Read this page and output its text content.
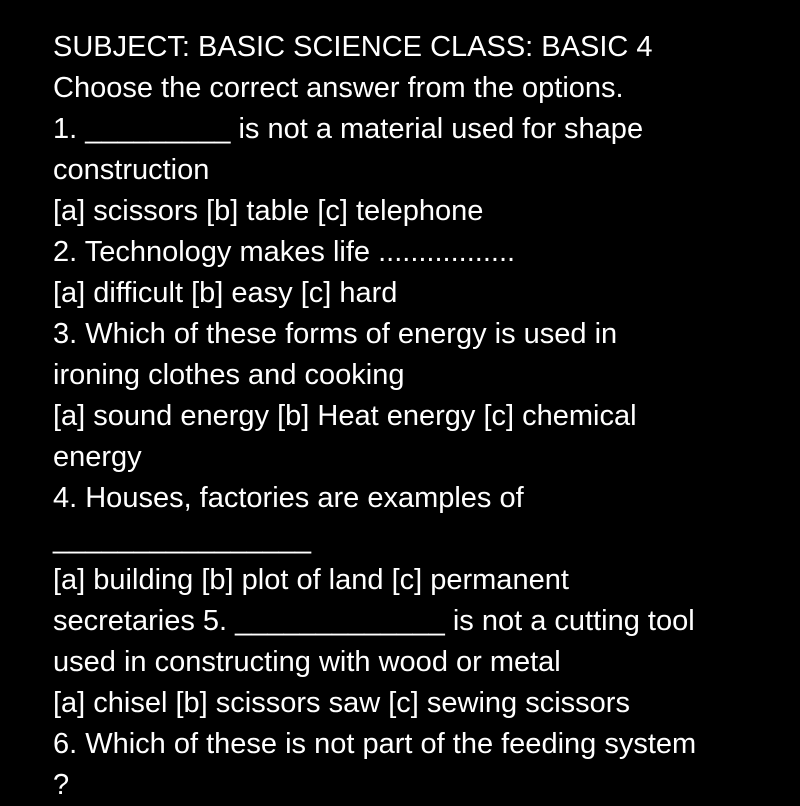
SUBJECT: BASIC SCIENCE CLASS: BASIC 4
Choose the correct answer from the options.
1. _________ is not a material used for shape
construction
[a] scissors [b] table [c] telephone
2. Technology makes life .................
[a] difficult [b] easy [c] hard
3. Which of these forms of energy is used in
ironing clothes and cooking
[a] sound energy [b] Heat energy [c] chemical
energy
4. Houses, factories are examples of
________________
[a] building [b] plot of land [c] permanent
secretaries 5. _____________ is not a cutting tool
used in constructing with wood or metal
[a] chisel [b] scissors saw [c] sewing scissors
6. Which of these is not part of the feeding system
?
